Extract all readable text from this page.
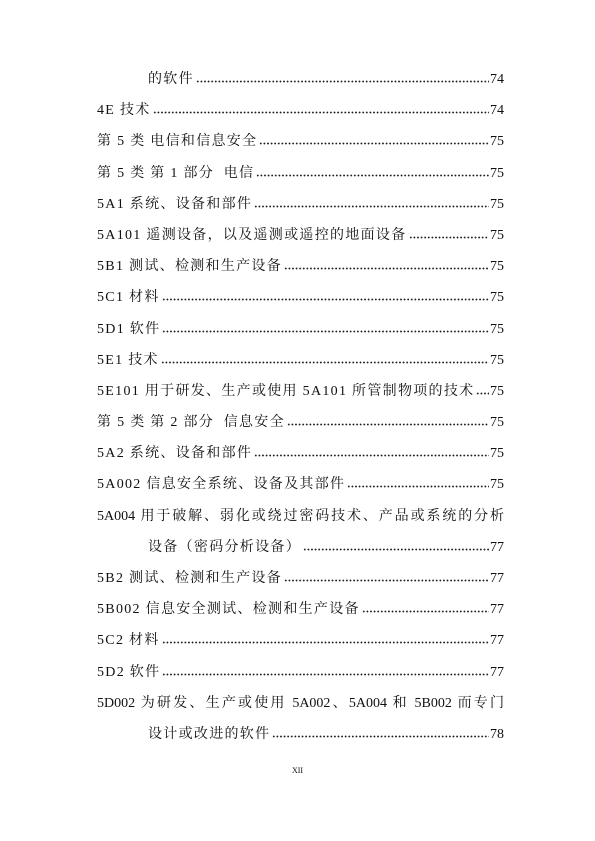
的软件	74
4E 技术	74
第 5 类 电信和信息安全	75
第 5 类 第 1 部分  电信	75
5A1 系统、设备和部件	75
5A101 遥测设备，以及遥测或遥控的地面设备	75
5B1 测试、检测和生产设备	75
5C1 材料	75
5D1 软件	75
5E1 技术	75
5E101 用于研发、生产或使用 5A101 所管制物项的技术 75
第 5 类 第 2 部分  信息安全	75
5A2 系统、设备和部件	75
5A002 信息安全系统、设备及其部件	75
5A004 用于破解、弱化或绕过密码技术、产品或系统的分析
设备（密码分析设备）	77
5B2 测试、检测和生产设备	77
5B002 信息安全测试、检测和生产设备	77
5C2 材料	77
5D2 软件	77
5D002 为研发、生产或使用 5A002、5A004 和 5B002 而专门
设计或改进的软件	78
XII
